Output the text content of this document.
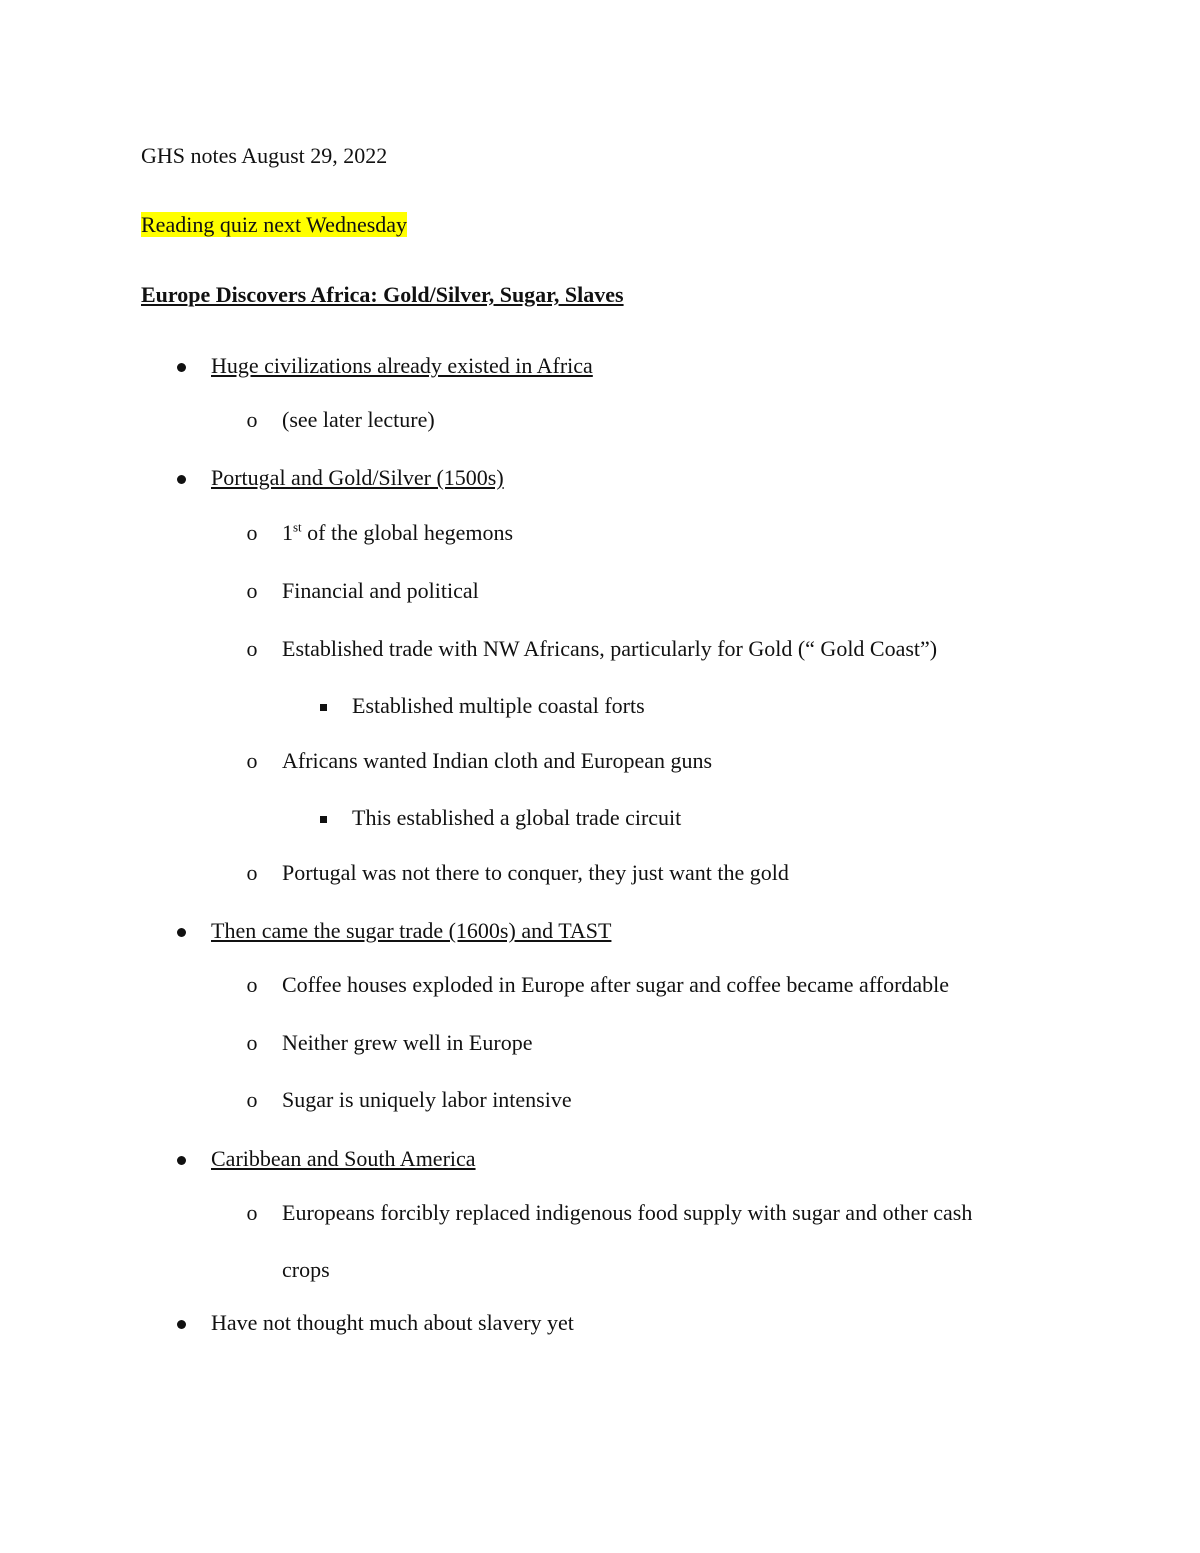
GHS notes August 29, 2022
Reading quiz next Wednesday
Europe Discovers Africa: Gold/Silver, Sugar, Slaves
Huge civilizations already existed in Africa
o (see later lecture)
Portugal and Gold/Silver (1500s)
o 1st of the global hegemons
o Financial and political
o Established trade with NW Africans, particularly for Gold (“ Gold Coast”)
Established multiple coastal forts
o Africans wanted Indian cloth and European guns
This established a global trade circuit
o Portugal was not there to conquer, they just want the gold
Then came the sugar trade (1600s) and TAST
o Coffee houses exploded in Europe after sugar and coffee became affordable
o Neither grew well in Europe
o Sugar is uniquely labor intensive
Caribbean and South America
o Europeans forcibly replaced indigenous food supply with sugar and other cash
crops
Have not thought much about slavery yet
